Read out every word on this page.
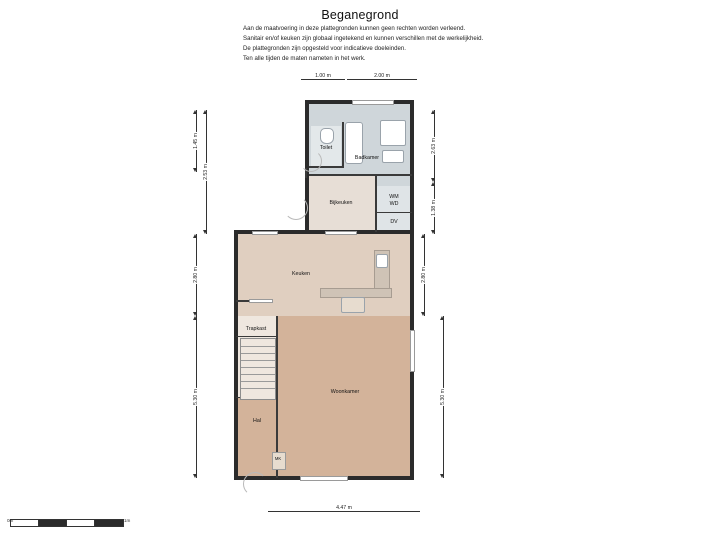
Beganegrond
Aan de maatvoering in deze plattegronden kunnen geen rechten worden verleend.
Sanitair en/of keuken zijn globaal ingetekend en kunnen verschillen met de werkelijkheid.
De plattegronden zijn opgesteld voor indicatieve doeleinden.
Ten alle tijden de maten nameten in het werk.
1.00 m	2.00 m
4.47 m
1.45 m
2.53 m
2.80 m
5.30 m
2.63 m
1.38 m
2.80 m
5.30 m
Toilet
Badkamer
Bijkeuken
WM
WD
DV
Keuken
Trapkast
Woonkamer
Hal
MK
0m	1m
